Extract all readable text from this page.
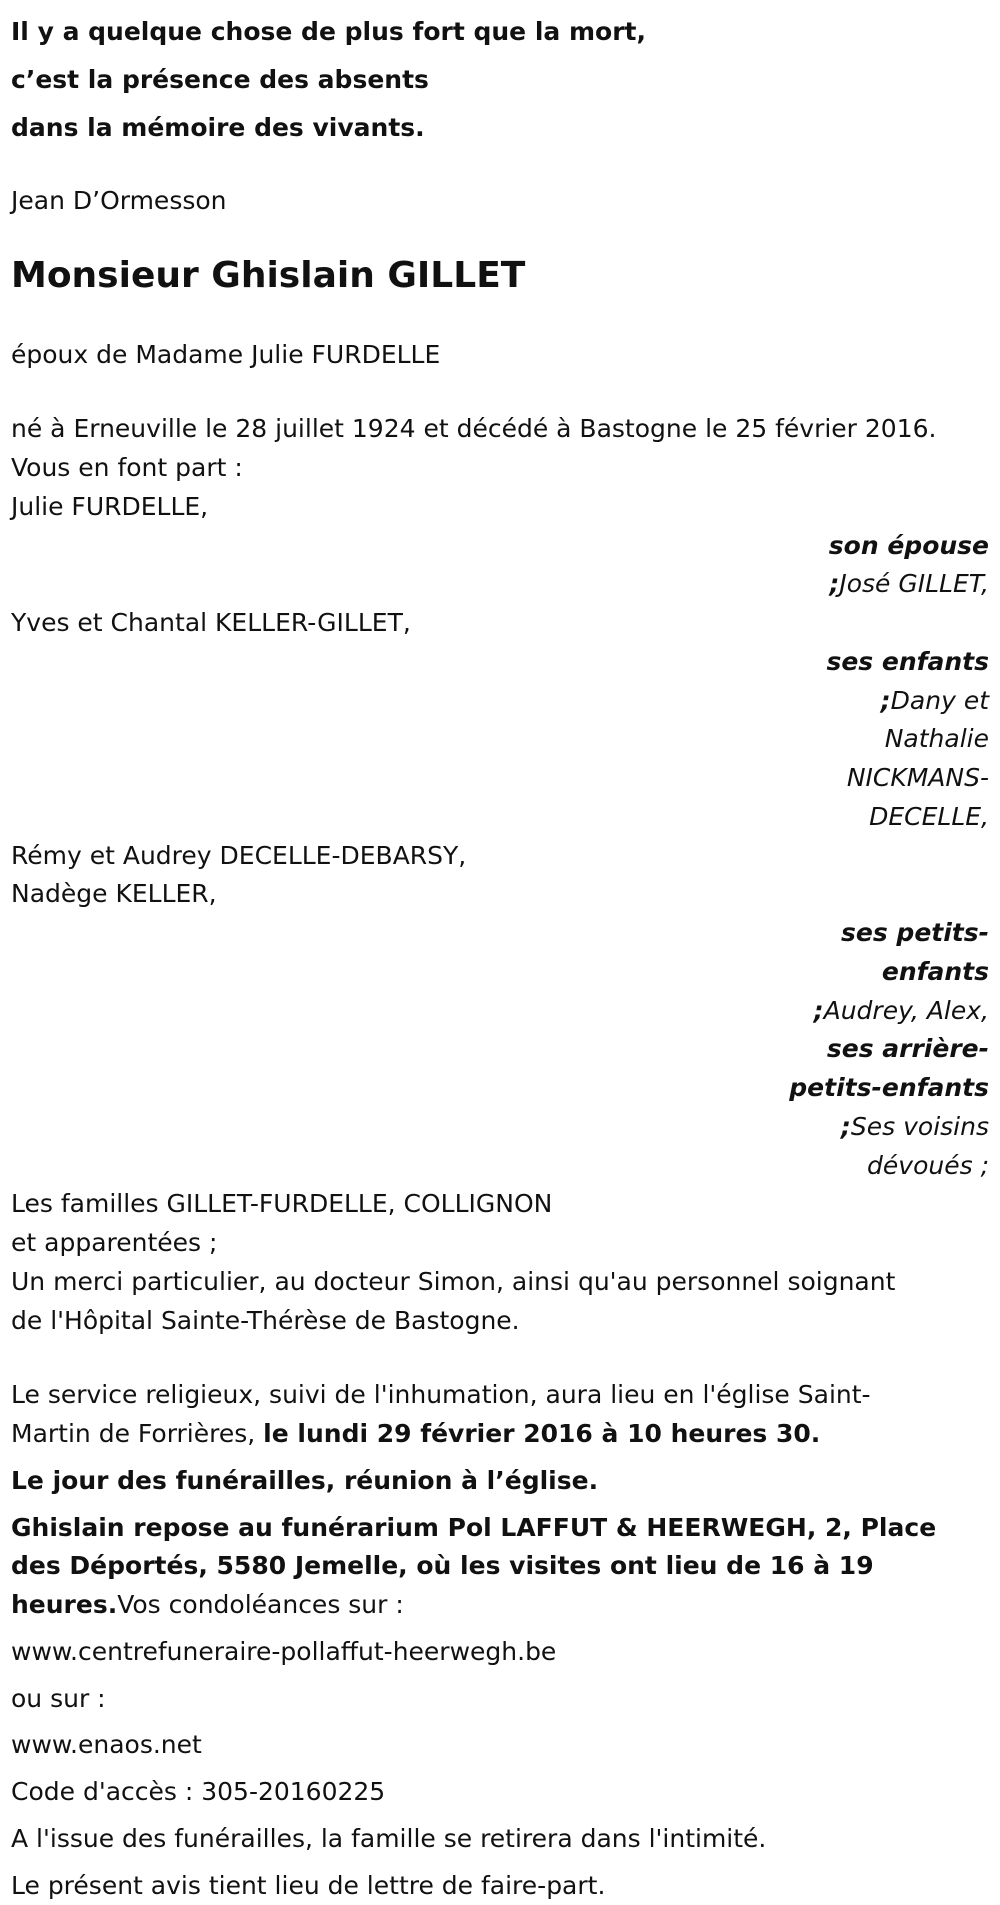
Il y a quelque chose de plus fort que la mort,
c’est la présence des absents
dans la mémoire des vivants.
Jean D’Ormesson
Monsieur Ghislain GILLET
époux de Madame Julie FURDELLE
né à Erneuville le 28 juillet 1924 et décédé à Bastogne le 25 février 2016.
Vous en font part :
Julie FURDELLE,
son épouse ;José GILLET,
Yves et Chantal KELLER-GILLET,
ses enfants ;Dany et Nathalie NICKMANS-DECELLE,
Rémy et Audrey DECELLE-DEBARSY,
Nadège KELLER,
ses petits-enfants ;Audrey, Alex,
ses arrière-petits-enfants ;Ses voisins dévoués ;
Les familles GILLET-FURDELLE, COLLIGNON
et apparentées ;
Un merci particulier, au docteur Simon, ainsi qu'au personnel soignant
de l'Hôpital Sainte-Thérèse de Bastogne.
Le service religieux, suivi de l'inhumation, aura lieu en l'église Saint-
Martin de Forrières, le lundi 29 février 2016 à 10 heures 30.
Le jour des funérailles, réunion à l’église.
Ghislain repose au funérarium Pol LAFFUT & HEERWEGH, 2, Place des Déportés, 5580 Jemelle, où les visites ont lieu de 16 à 19 heures.Vos condoléances sur :
www.centrefuneraire-pollaffut-heerwegh.be
ou sur :
www.enaos.net
Code d'accès : 305-20160225
A l'issue des funérailles, la famille se retirera dans l'intimité.
Le présent avis tient lieu de lettre de faire-part.
